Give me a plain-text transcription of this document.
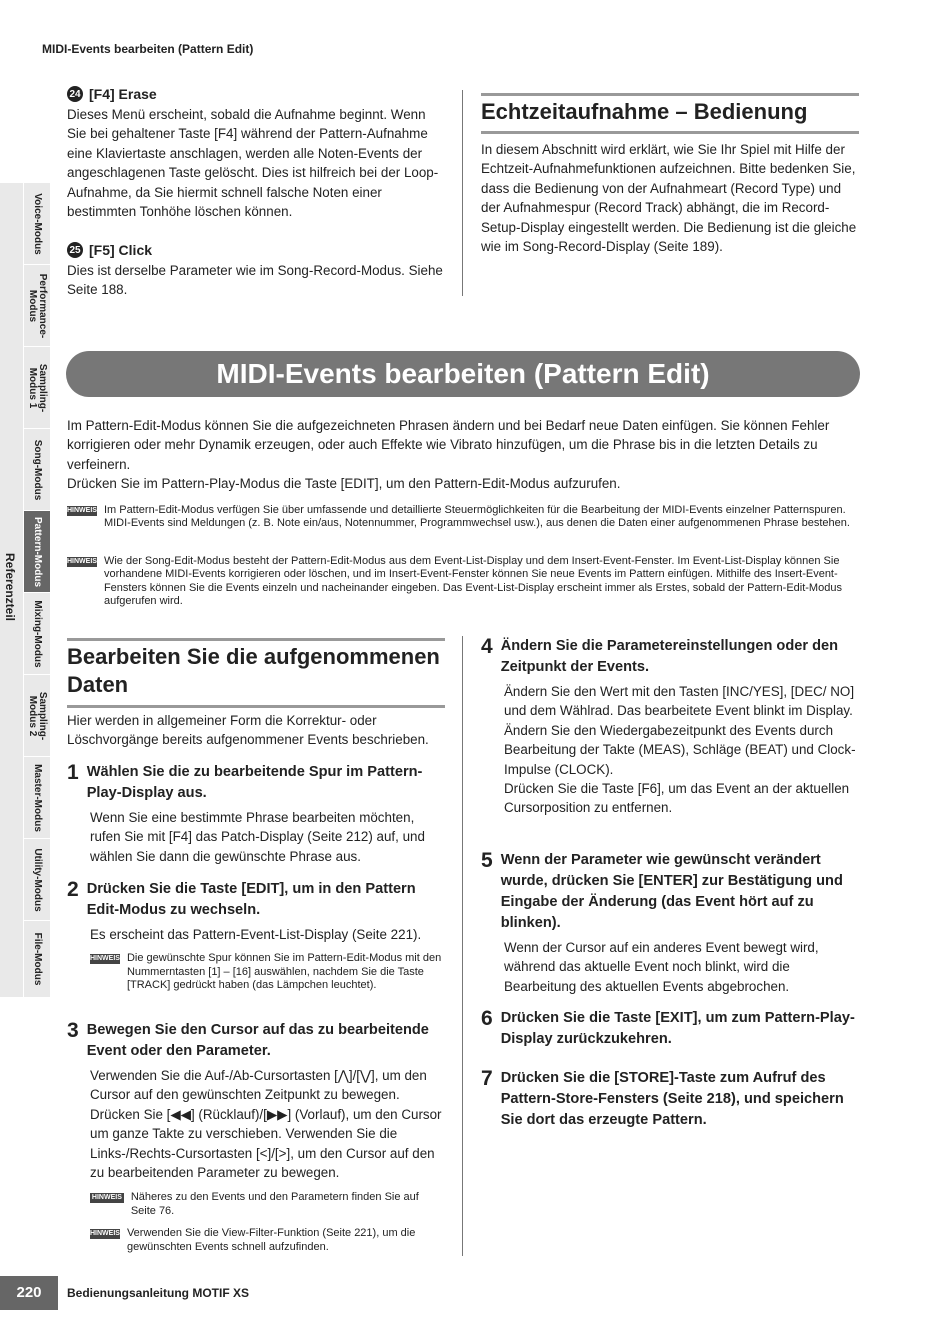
MIDI-Events bearbeiten (Pattern Edit)
Referenzteil
Voice-Modus
Performance-
Modus
Sampling-
Modus 1
Song-Modus
Pattern-Modus
Mixing-Modus
Sampling-
Modus 2
Master-Modus
Utility-Modus
File-Modus
24 [F4] Erase

Dieses Menü erscheint, sobald die Aufnahme beginnt. Wenn Sie bei gehaltener Taste [F4] während der Pattern-Aufnahme eine Klaviertaste anschlagen, werden alle Noten-Events der angeschlagenen Taste gelöscht. Dies ist hilfreich bei der Loop-Aufnahme, da Sie hiermit schnell falsche Noten einer bestimmten Tonhöhe löschen können.

25 [F5] Click

Dies ist derselbe Parameter wie im Song-Record-Modus. Siehe Seite 188.

Echtzeitaufnahme – Bedienung

In diesem Abschnitt wird erklärt, wie Sie Ihr Spiel mit Hilfe der Echtzeit-Aufnahmefunktionen aufzeichnen. Bitte bedenken Sie, dass die Bedienung von der Aufnahmeart (Record Type) und der Aufnahmespur (Record Track) abhängt, die im Record-Setup-Display eingestellt werden. Die Bedienung ist die gleiche wie im Song-Record-Display (Seite 189).

MIDI-Events bearbeiten (Pattern Edit)

Im Pattern-Edit-Modus können Sie die aufgezeichneten Phrasen ändern und bei Bedarf neue Daten einfügen. Sie können Fehler korrigieren oder mehr Dynamik erzeugen, oder auch Effekte wie Vibrato hinzufügen, um die Phrase bis in die letzten Details zu verfeinern.

Drücken Sie im Pattern-Play-Modus die Taste [EDIT], um den Pattern-Edit-Modus aufzurufen.

HINWEIS Im Pattern-Edit-Modus verfügen Sie über umfassende und detaillierte Steuermöglichkeiten für die Bearbeitung der MIDI-Events einzelner Patternspuren. MIDI-Events sind Meldungen (z. B. Note ein/aus, Notennummer, Programmwechsel usw.), aus denen die Daten einer aufgenommenen Phrase bestehen.
HINWEIS Wie der Song-Edit-Modus besteht der Pattern-Edit-Modus aus dem Event-List-Display und dem Insert-Event-Fenster. Im Event-List-Display können Sie vorhandene MIDI-Events korrigieren oder löschen, und im Insert-Event-Fenster können Sie neue Events im Pattern einfügen. Mithilfe des Insert-Event-Fensters können Sie die Events einzeln und nacheinander eingeben. Das Event-List-Display erscheint immer als Erstes, sobald der Pattern-Edit-Modus aufgerufen wird.
Bearbeiten Sie die aufgenommenen Daten

Hier werden in allgemeiner Form die Korrektur- oder Löschvorgänge bereits aufgenommener Events beschrieben.

1 Wählen Sie die zu bearbeitende Spur im Pattern-Play-Display aus.

Wenn Sie eine bestimmte Phrase bearbeiten möchten, rufen Sie mit [F4] das Patch-Display (Seite 212) auf, und wählen Sie dann die gewünschte Phrase aus.

2 Drücken Sie die Taste [EDIT], um in den Pattern Edit-Modus zu wechseln.

Es erscheint das Pattern-Event-List-Display (Seite 221).

HINWEIS Die gewünschte Spur können Sie im Pattern-Edit-Modus mit den Nummerntasten [1] – [16] auswählen, nachdem Sie die Taste [TRACK] gedrückt haben (das Lämpchen leuchtet).
3 Bewegen Sie den Cursor auf das zu bearbeitende Event oder den Parameter.

Verwenden Sie die Auf-/Ab-Cursortasten [⋀]/[⋁], um den Cursor auf den gewünschten Zeitpunkt zu bewegen. Drücken Sie [◀◀] (Rücklauf)/[▶▶] (Vorlauf), um den Cursor um ganze Takte zu verschieben. Verwenden Sie die Links-/Rechts-Cursortasten [<]/[>], um den Cursor auf den zu bearbeitenden Parameter zu bewegen.

HINWEIS Näheres zu den Events und den Parametern finden Sie auf Seite 76.
HINWEIS Verwenden Sie die View-Filter-Funktion (Seite 221), um die gewünschten Events schnell aufzufinden.
4 Ändern Sie die Parametereinstellungen oder den Zeitpunkt der Events.

Ändern Sie den Wert mit den Tasten [INC/YES], [DEC/ NO] und dem Wählrad. Das bearbeitete Event blinkt im Display.

Ändern Sie den Wiedergabezeitpunkt des Events durch Bearbeitung der Takte (MEAS), Schläge (BEAT) und Clock-Impulse (CLOCK).

Drücken Sie die Taste [F6], um das Event an der aktuellen Cursorposition zu entfernen.

5 Wenn der Parameter wie gewünscht verändert wurde, drücken Sie [ENTER] zur Bestätigung und Eingabe der Änderung (das Event hört auf zu blinken).

Wenn der Cursor auf ein anderes Event bewegt wird, während das aktuelle Event noch blinkt, wird die Bearbeitung des aktuellen Events abgebrochen.

6 Drücken Sie die Taste [EXIT], um zum Pattern-Play-Display zurückzukehren.
7 Drücken Sie die [STORE]-Taste zum Aufruf des Pattern-Store-Fensters (Seite 218), und speichern Sie dort das erzeugte Pattern.
220	Bedienungsanleitung MOTIF XS
